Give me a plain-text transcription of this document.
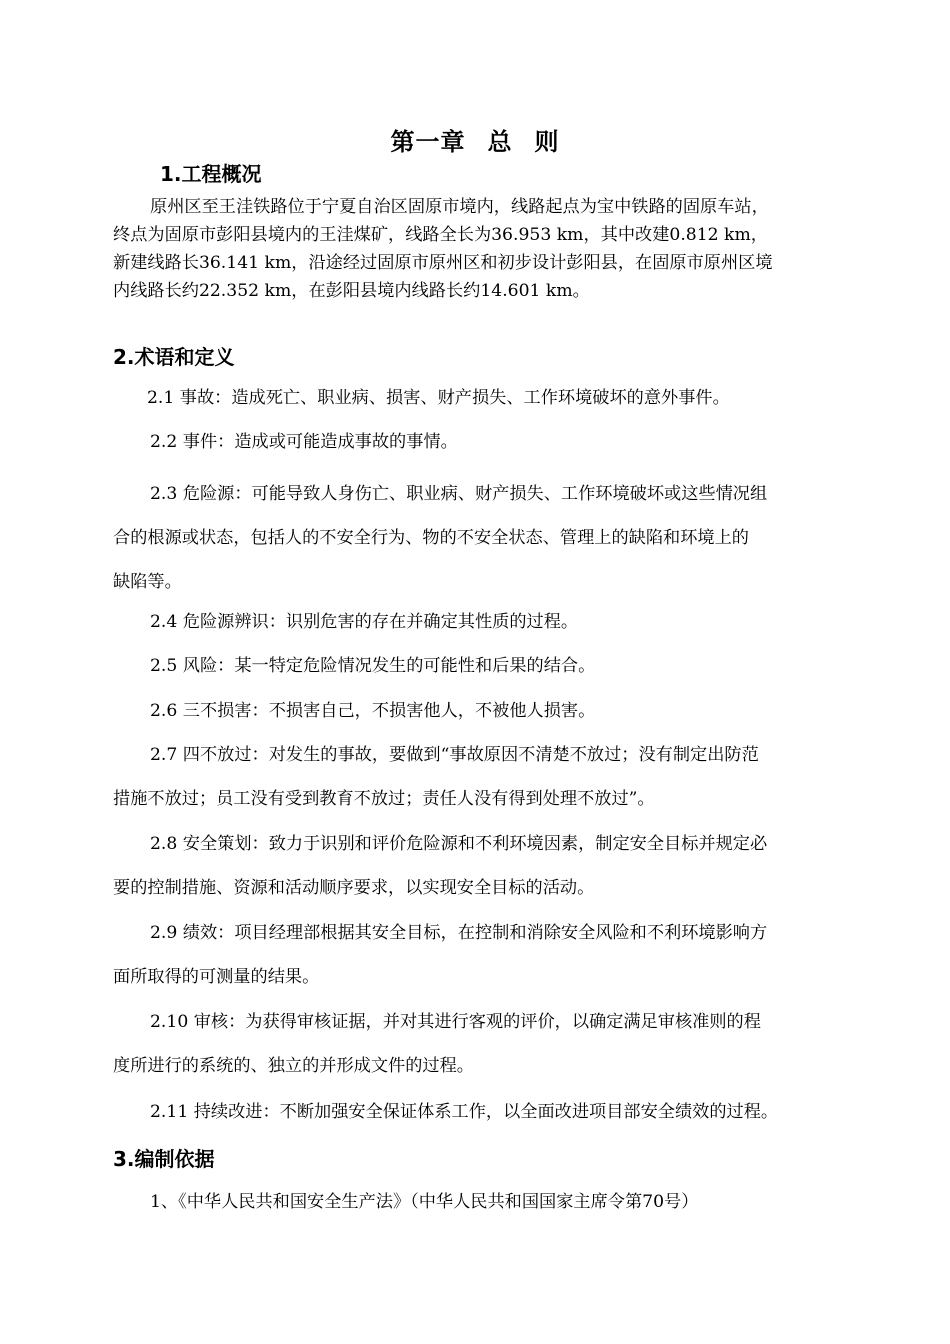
第一章 总 则
1.工程概况
原州区至王洼铁路位于宁夏自治区固原市境内，线路起点为宝中铁路的固原车站，
终点为固原市彭阳县境内的王洼煤矿，线路全长为36.953 km，其中改建0.812 km，
新建线路长36.141 km，沿途经过固原市原州区和初步设计彭阳县，在固原市原州区境
内线路长约22.352 km，在彭阳县境内线路长约14.601 km。
2.术语和定义
2.1 事故：造成死亡、职业病、损害、财产损失、工作环境破坏的意外事件。
2.2 事件：造成或可能造成事故的事情。
2.3 危险源：可能导致人身伤亡、职业病、财产损失、工作环境破坏或这些情况组
合的根源或状态，包括人的不安全行为、物的不安全状态、管理上的缺陷和环境上的
缺陷等。
2.4 危险源辨识：识别危害的存在并确定其性质的过程。
2.5 风险：某一特定危险情况发生的可能性和后果的结合。
2.6 三不损害：不损害自己，不损害他人，不被他人损害。
2.7 四不放过：对发生的事故，要做到“事故原因不清楚不放过；没有制定出防范
措施不放过；员工没有受到教育不放过；责任人没有得到处理不放过”。
2.8 安全策划：致力于识别和评价危险源和不利环境因素，制定安全目标并规定必
要的控制措施、资源和活动顺序要求，以实现安全目标的活动。
2.9 绩效：项目经理部根据其安全目标，在控制和消除安全风险和不利环境影响方
面所取得的可测量的结果。
2.10 审核：为获得审核证据，并对其进行客观的评价，以确定满足审核准则的程
度所进行的系统的、独立的并形成文件的过程。
2.11 持续改进：不断加强安全保证体系工作，以全面改进项目部安全绩效的过程。
3.编制依据
1、《中华人民共和国安全生产法》（中华人民共和国国家主席令第70号）
